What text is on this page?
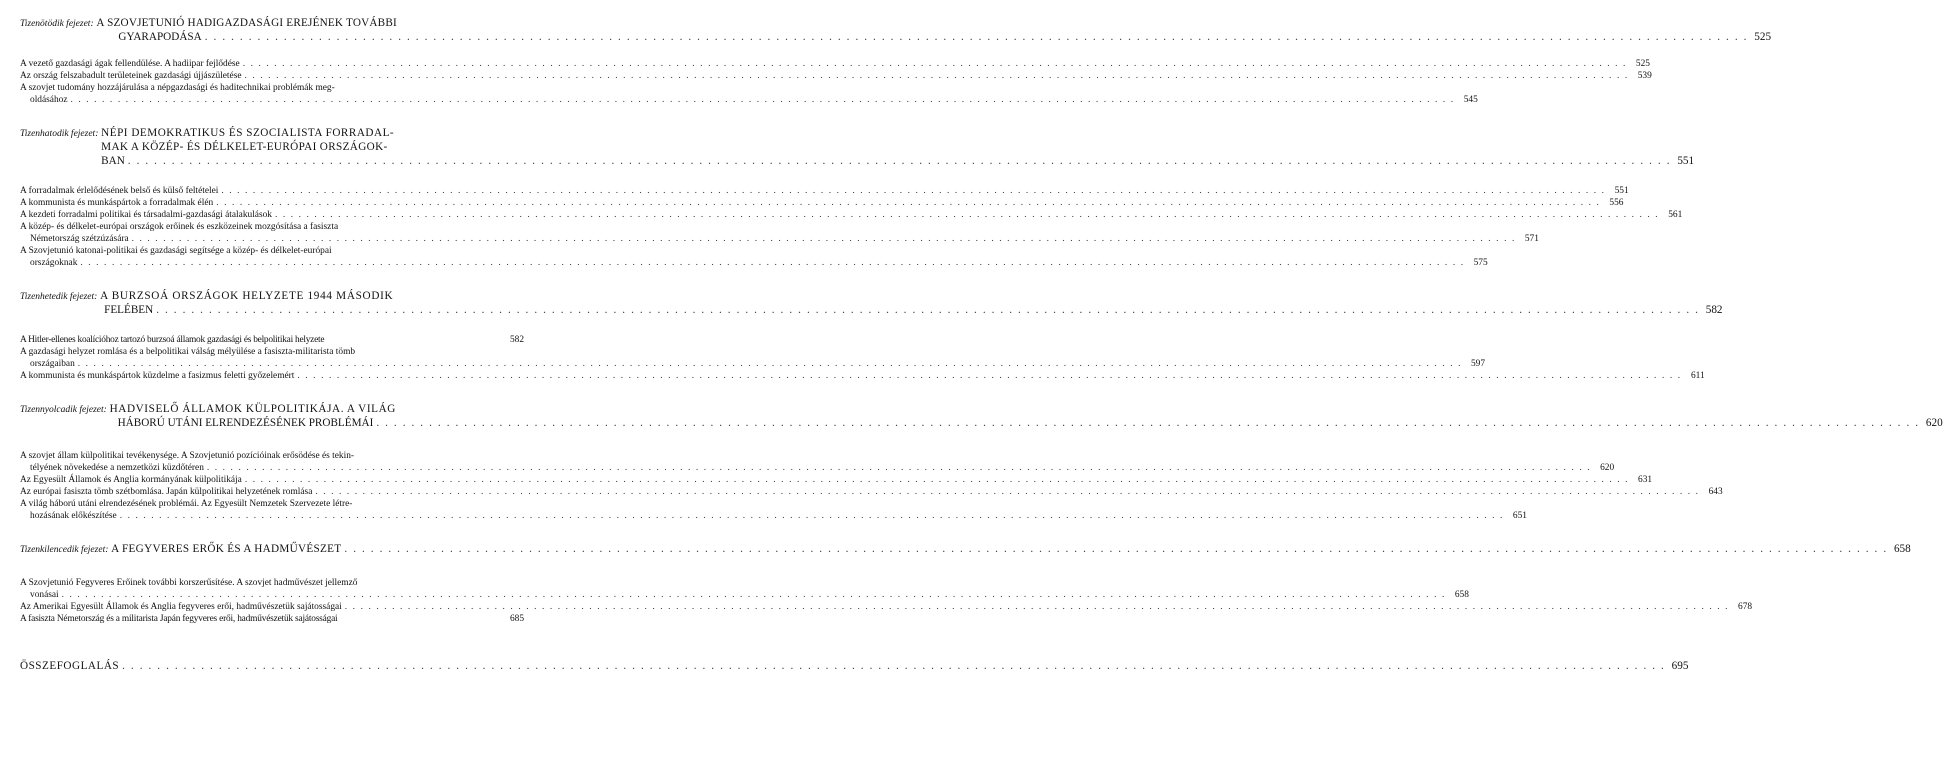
Tizenötödik fejezet: A SZOVJETUNIÓ HADIGAZDASÁGI EREJÉNEK TOVÁBBI
GYARAPODÁSA . . .	525
A vezető gazdasági ágak fellendülése. A hadiipar fejlődése . . .	525
Az ország felszabadult területeinek gazdasági újjászületése . . .	539
A szovjet tudomány hozzájárulása a népgazdasági és haditechnikai problémák meg-
oldásához . . .	545
Tizenhatodik fejezet: NÉPI DEMOKRATIKUS ÉS SZOCIALISTA FORRADAL-
MAK A KÖZÉP- ÉS DÉLKELET-EURÓPAI ORSZÁGOK-
BAN . . .	551
A forradalmak érlelődésének belső és külső feltételei . . .	551
A kommunista és munkáspártok a forradalmak élén . . .	556
A kezdeti forradalmi politikai és társadalmi-gazdasági átalakulások . . .	561
A közép- és délkelet-európai országok erőinek és eszközeinek mozgósítása a fasiszta
Németország szétzúzására . . .	571
A Szovjetunió katonai-politikai és gazdasági segítsége a közép- és délkelet-európai
országoknak . . .	575
Tizenhetedik fejezet: A BURZSOÁ ORSZÁGOK HELYZETE 1944 MÁSODIK
FELÉBEN . . .	582
A Hitler-ellenes koalícióhoz tartozó burzsoá államok gazdasági és belpolitikai helyzete	582
A gazdasági helyzet romlása és a belpolitikai válság mélyülése a fasiszta-militarista tömb
országaiban . . .	597
A kommunista és munkáspártok küzdelme a fasizmus feletti győzelemért . . .	611
Tizennyolcadik fejezet: HADVISELŐ ÁLLAMOK KÜLPOLITIKÁJA. A VILÁG
HÁBORÚ UTÁNI ELRENDEZÉSÉNEK PROBLÉMÁI . . .	620
A szovjet állam külpolitikai tevékenysége. A Szovjetunió pozícióinak erősödése és tekin-
télyének növekedése a nemzetközi küzdőtéren . . .	620
Az Egyesült Államok és Anglia kormányának külpolitikája . . .	631
Az európai fasiszta tömb szétbomlása. Japán külpolitikai helyzetének romlása . . .	643
A világ háború utáni elrendezésének problémái. Az Egyesült Nemzetek Szervezete létre-
hozásának előkészítése . . .	651
Tizenkilencedik fejezet: A FEGYVERES ERŐK ÉS A HADMŰVÉSZET . . .	658
A Szovjetunió Fegyveres Erőinek további korszerűsítése. A szovjet hadművészet jellemző
vonásai . . .	658
Az Amerikai Egyesült Államok és Anglia fegyveres erői, hadművészetük sajátosságai . . .	678
A fasiszta Németország és a militarista Japán fegyveres erői, hadművészetük sajátosságai	685
ÖSSZEFOGLALÁS . . .	695
